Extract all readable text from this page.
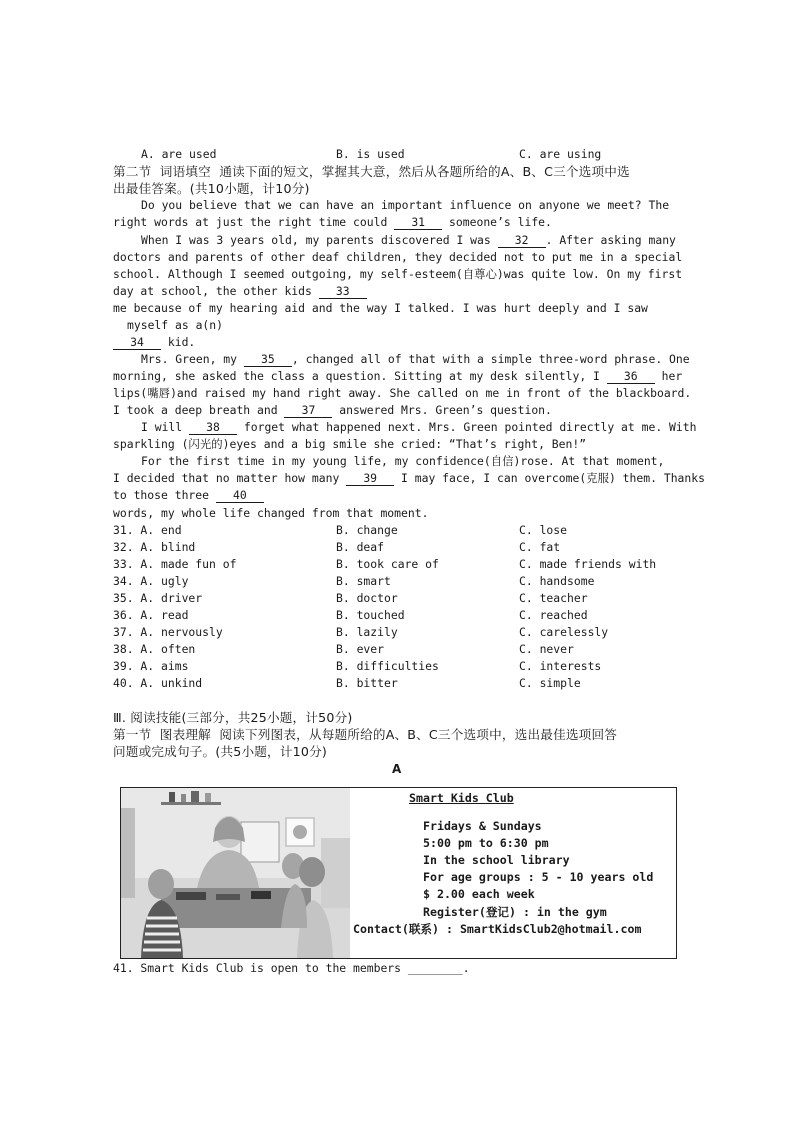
A. are used	B. is used	C. are using
第二节  词语填空  通读下面的短文，掌握其大意，然后从各题所给的A、B、C三个选项中选
出最佳答案。(共10小题，计10分)
Do you believe that we can have an important influence on anyone we meet? The
right words at just the right time could 31 someone’s life.
When I was 3 years old, my parents discovered I was 32 . After asking many
doctors and parents of other deaf children, they decided not to put me in a special
school. Although I seemed outgoing, my self-esteem(自尊心)was quite low. On my first
day at school, the other kids 33
me because of my hearing aid and the way I talked. I was hurt deeply and I saw
myself as a(n)
34 kid.
Mrs. Green, my 35 , changed all of that with a simple three-word phrase. One
morning, she asked the class a question. Sitting at my desk silently, I 36 her
lips(嘴唇)and raised my hand right away. She called on me in front of the blackboard.
I took a deep breath and 37 answered Mrs. Green’s question.
I will 38 forget what happened next. Mrs. Green pointed directly at me. With
sparkling (闪光的)eyes and a big smile she cried: “That’s right, Ben!”
For the first time in my young life, my confidence(自信)rose. At that moment,
I decided that no matter how many 39 I may face, I can overcome(克服) them. Thanks
to those three 40
words, my whole life changed from that moment.
31. A. end	B. change	C. lose
32. A. blind	B. deaf	C. fat
33. A. made fun of	B. took care of	C. made friends with
34. A. ugly	B. smart	C. handsome
35. A. driver	B. doctor	C. teacher
36. A. read	B. touched	C. reached
37. A. nervously	B. lazily	C. carelessly
38. A. often	B. ever	C. never
39. A. aims	B. difficulties	C. interests
40. A. unkind	B. bitter	C. simple
Ⅲ. 阅读技能(三部分，共25小题，计50分)
第一节  图表理解  阅读下列图表，从每题所给的A、B、C三个选项中，选出最佳选项回答
问题或完成句子。(共5小题，计10分)
A
Smart Kids Club
Fridays & Sundays
5:00 pm to 6:30 pm
In the school library
For age groups : 5 - 10 years old
$ 2.00 each week
Register(登记) : in the gym
Contact(联系) : SmartKidsClub2@hotmail.com
41. Smart Kids Club is open to the members ________.
